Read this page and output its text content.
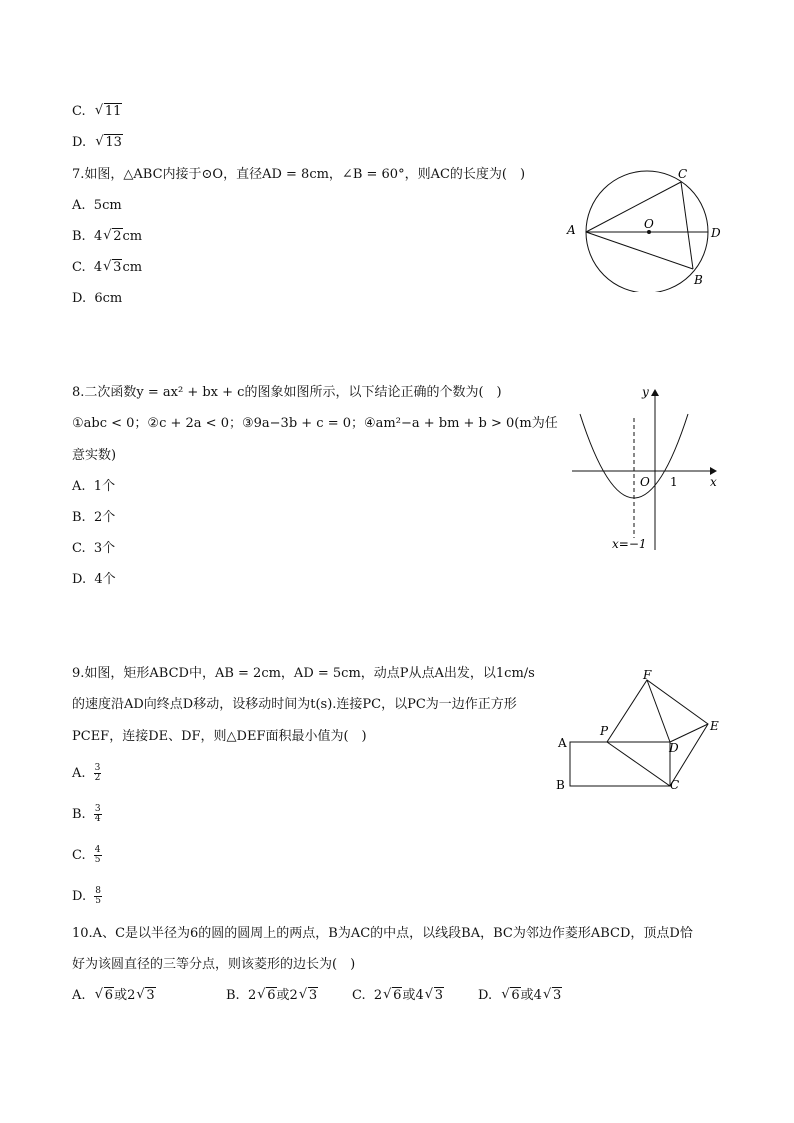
C. √ 11
D. √ 13
7.如图，△ABC内接于⊙O，直径AD = 8cm，∠B = 60°，则AC的长度为(　)
A. 5cm
B. 4 √ 2cm
C. 4 √ 3cm
D. 6cm
A
C
O
D
B
8.二次函数y = ax² + bx + c的图象如图所示，以下结论正确的个数为(　)
①abc < 0；②c + 2a < 0；③9a−3b + c = 0；④am²−a + bm + b > 0(m为任
意实数)
A. 1个
B. 2个
C. 3个
D. 4个
y
x
O 1
x=−1
9.如图，矩形ABCD中，AB = 2cm，AD = 5cm，动点P从点A出发，以1cm/s
的速度沿AD向终点D移动，设移动时间为t(s).连接PC，以PC为一边作正方形
PCEF，连接DE、DF，则△DEF面积最小值为(　)
A. $\frac{3}{2}$
B. $\frac{3}{4}$
C. $\frac{4}{5}$
D. $\frac{8}{5}$
A
B	C
D
E
F
P
10.A、C是以半径为6的圆的圆周上的两点，B为AC的中点，以线段BA，BC为邻边作菱形ABCD，顶点D恰
好为该圆直径的三等分点，则该菱形的边长为(　)
A. √ 6或2 √ 3	B. 2 √ 6或2 √ 3	C. 2 √ 6或4 √ 3	D. √ 6或4 √ 3
